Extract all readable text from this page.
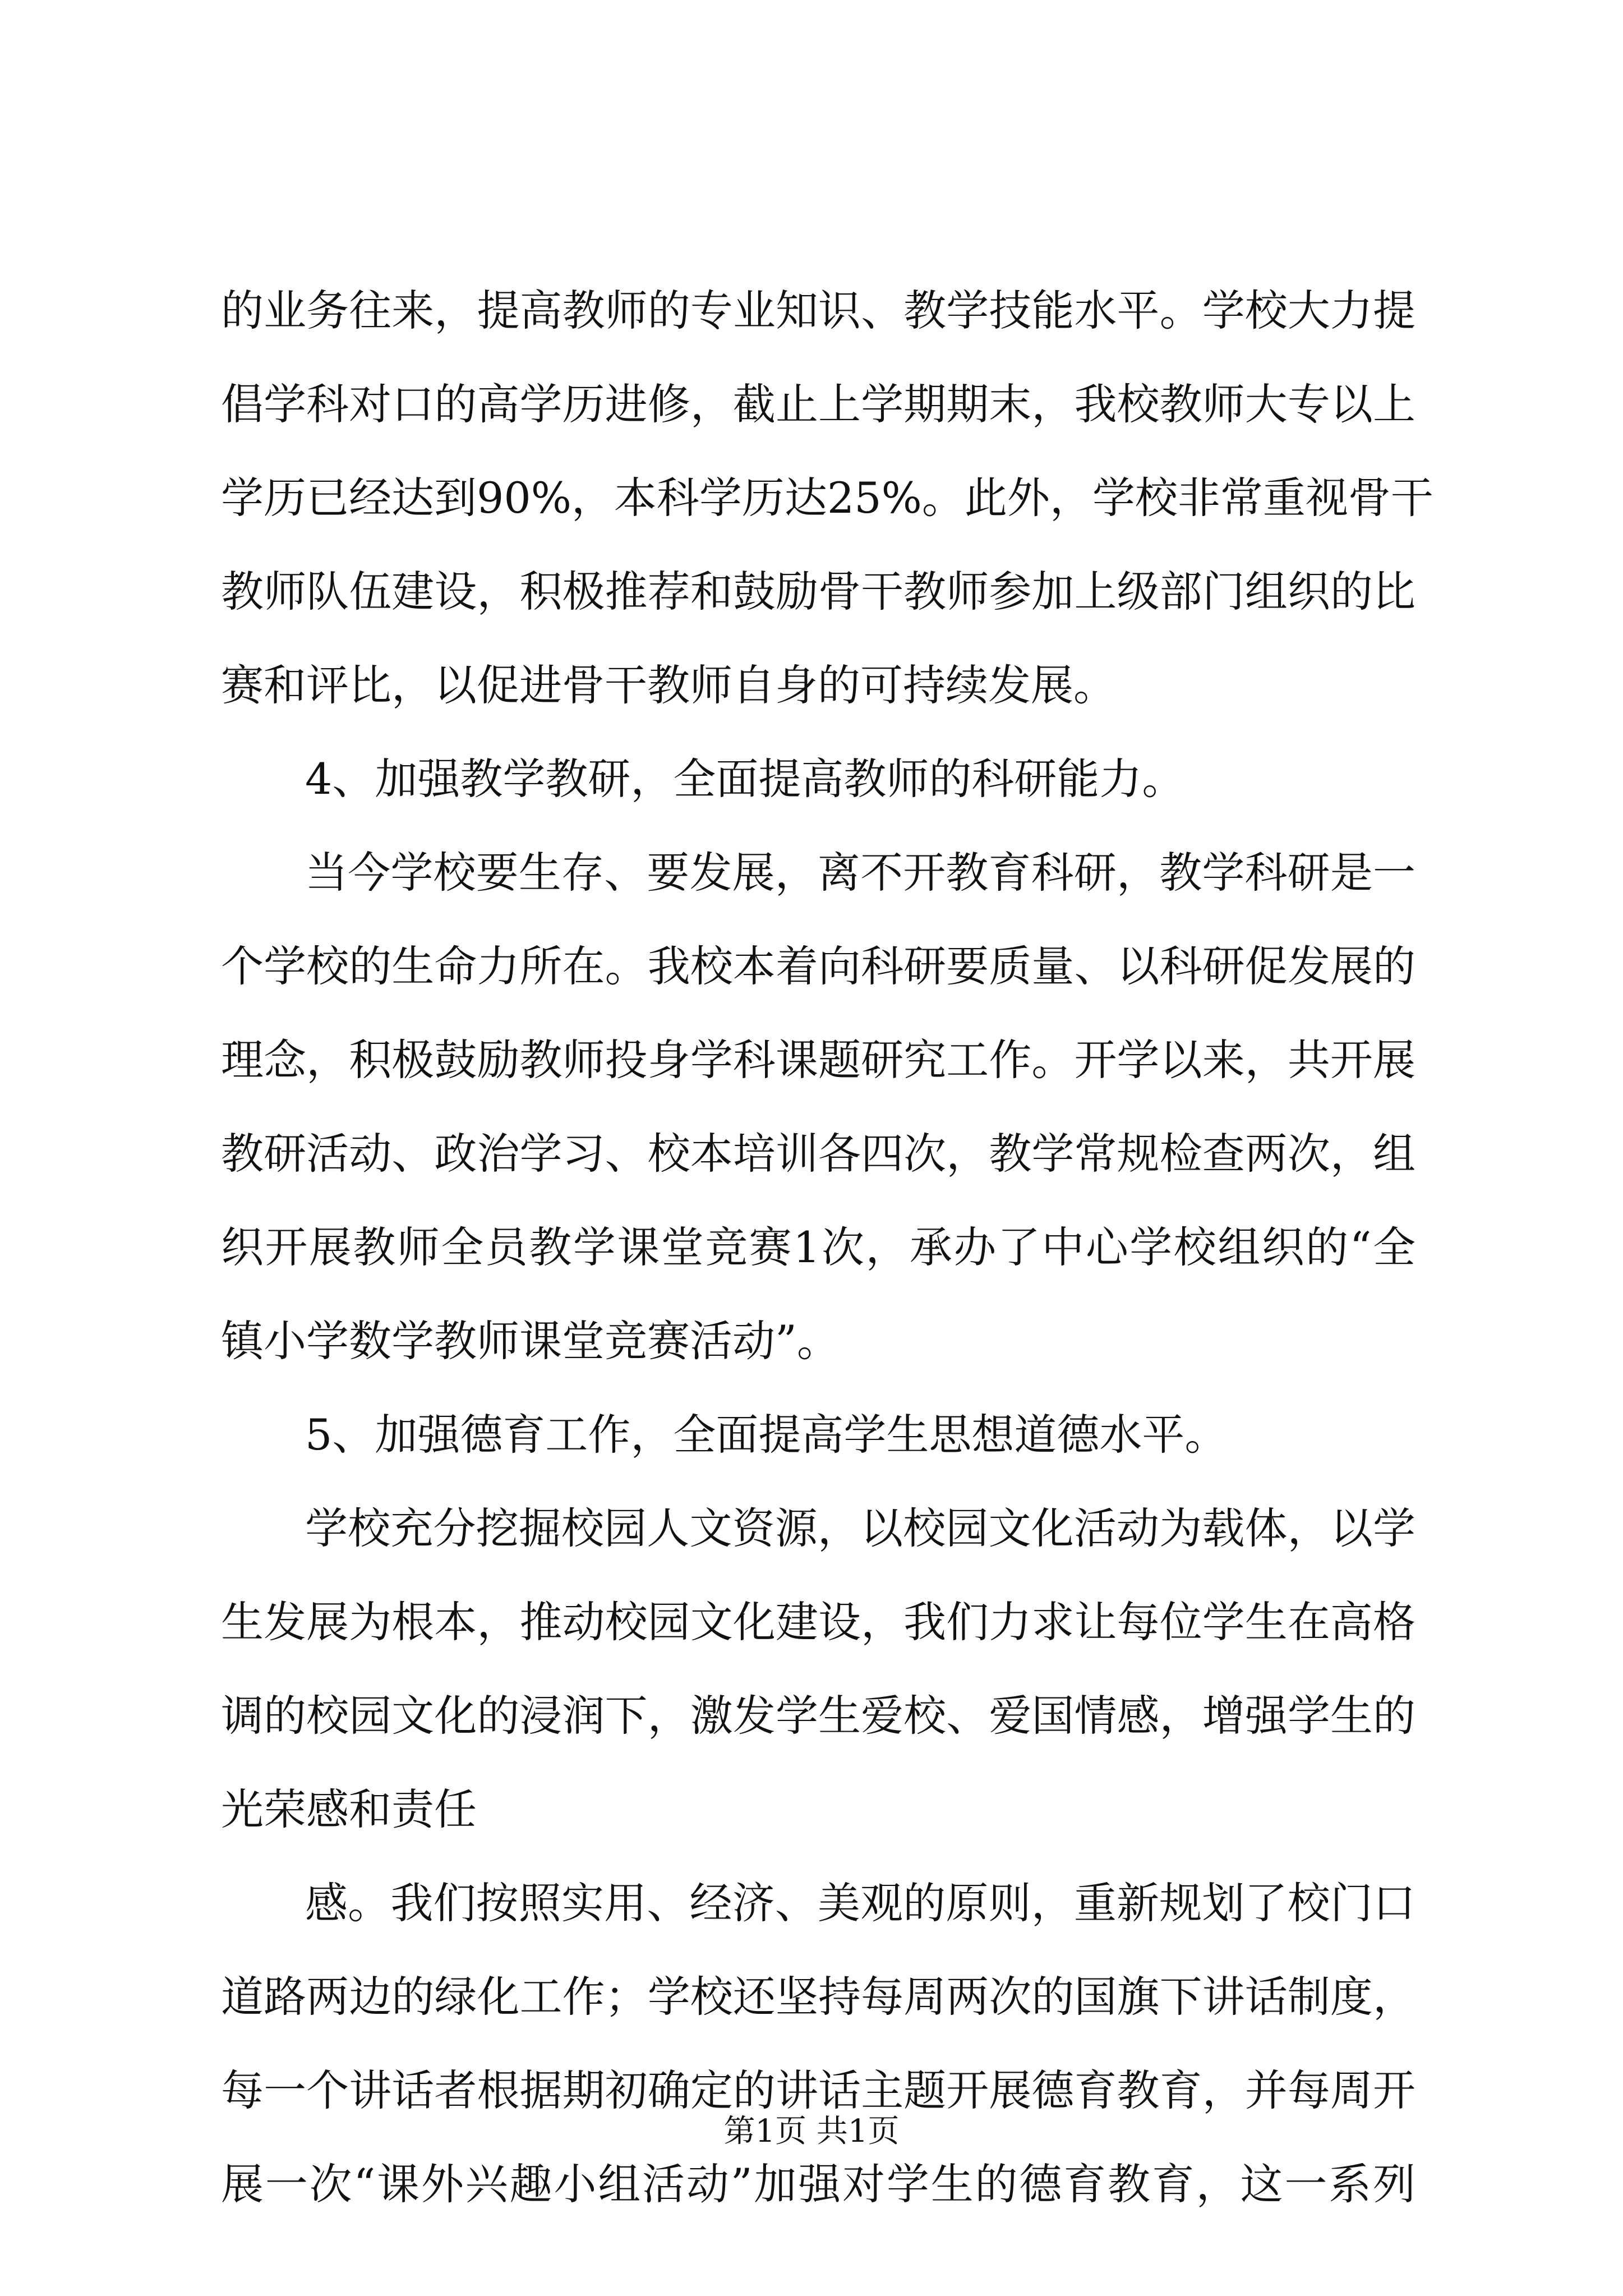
的业务往来，提高教师的专业知识、教学技能水平。学校大力提
倡学科对口的高学历进修，截止上学期期末，我校教师大专以上
学历已经达到90%，本科学历达25%。此外，学校非常重视骨干
教师队伍建设，积极推荐和鼓励骨干教师参加上级部门组织的比
赛和评比，以促进骨干教师自身的可持续发展。
4、加强教学教研，全面提高教师的科研能力。
当今学校要生存、要发展，离不开教育科研，教学科研是一
个学校的生命力所在。我校本着向科研要质量、以科研促发展的
理念，积极鼓励教师投身学科课题研究工作。开学以来，共开展
教研活动、政治学习、校本培训各四次，教学常规检查两次，组
织开展教师全员教学课堂竞赛1次，承办了中心学校组织的“全
镇小学数学教师课堂竞赛活动”。
5、加强德育工作，全面提高学生思想道德水平。
学校充分挖掘校园人文资源，以校园文化活动为载体，以学
生发展为根本，推动校园文化建设，我们力求让每位学生在高格
调的校园文化的浸润下，激发学生爱校、爱国情感，增强学生的
光荣感和责任
感。我们按照实用、经济、美观的原则，重新规划了校门口
道路两边的绿化工作；学校还坚持每周两次的国旗下讲话制度，
每一个讲话者根据期初确定的讲话主题开展德育教育，并每周开
展一次“课外兴趣小组活动”加强对学生的德育教育，这一系列
第1页 共1页
